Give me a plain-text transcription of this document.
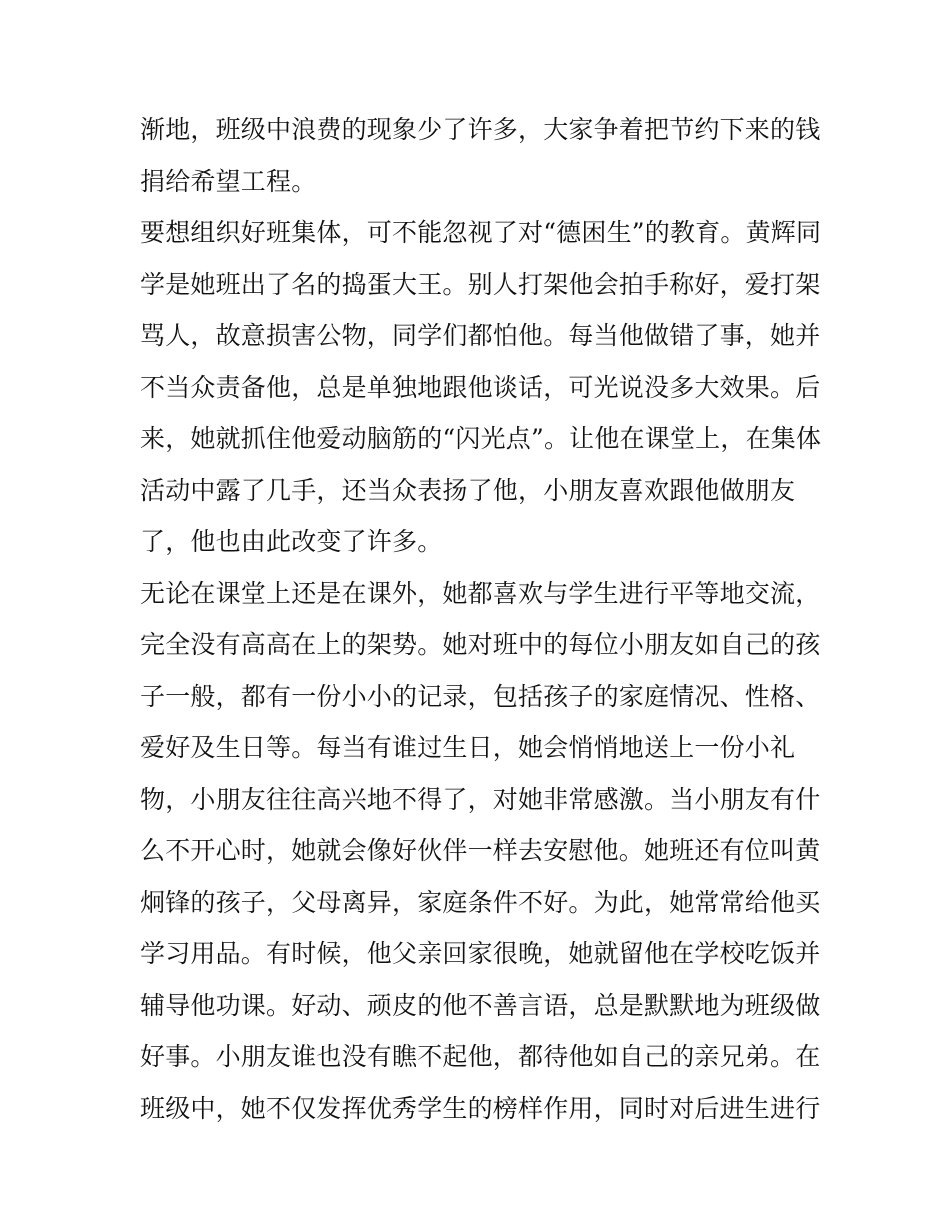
渐地，班级中浪费的现象少了许多，大家争着把节约下来的钱
捐给希望工程。
要想组织好班集体，可不能忽视了对“德困生”的教育。黄辉同
学是她班出了名的捣蛋大王。别人打架他会拍手称好，爱打架
骂人，故意损害公物，同学们都怕他。每当他做错了事，她并
不当众责备他，总是单独地跟他谈话，可光说没多大效果。后
来，她就抓住他爱动脑筋的“闪光点”。让他在课堂上，在集体
活动中露了几手，还当众表扬了他，小朋友喜欢跟他做朋友
了，他也由此改变了许多。
无论在课堂上还是在课外，她都喜欢与学生进行平等地交流，
完全没有高高在上的架势。她对班中的每位小朋友如自己的孩
子一般，都有一份小小的记录，包括孩子的家庭情况、性格、
爱好及生日等。每当有谁过生日，她会悄悄地送上一份小礼
物，小朋友往往高兴地不得了，对她非常感激。当小朋友有什
么不开心时，她就会像好伙伴一样去安慰他。她班还有位叫黄
炯锋的孩子，父母离异，家庭条件不好。为此，她常常给他买
学习用品。有时候，他父亲回家很晚，她就留他在学校吃饭并
辅导他功课。好动、顽皮的他不善言语，总是默默地为班级做
好事。小朋友谁也没有瞧不起他，都待他如自己的亲兄弟。在
班级中，她不仅发挥优秀学生的榜样作用，同时对后进生进行
